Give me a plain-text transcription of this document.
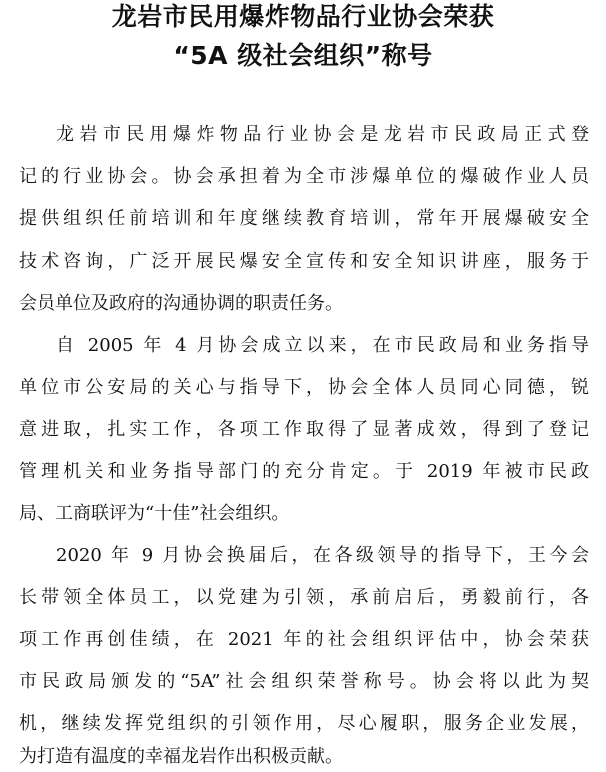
龙岩市民用爆炸物品行业协会荣获
“5A 级社会组织”称号
龙岩市民用爆炸物品行业协会是龙岩市民政局正式登
记的行业协会。协会承担着为全市涉爆单位的爆破作业人员
提供组织任前培训和年度继续教育培训，常年开展爆破安全
技术咨询，广泛开展民爆安全宣传和安全知识讲座，服务于
会员单位及政府的沟通协调的职责任务。
自 2005 年 4 月协会成立以来，在市民政局和业务指导
单位市公安局的关心与指导下，协会全体人员同心同德，锐
意进取，扎实工作，各项工作取得了显著成效，得到了登记
管理机关和业务指导部门的充分肯定。于 2019 年被市民政
局、工商联评为“十佳”社会组织。
2020 年 9 月协会换届后，在各级领导的指导下，王今会
长带领全体员工，以党建为引领，承前启后，勇毅前行，各
项工作再创佳绩，在 2021 年的社会组织评估中，协会荣获
市民政局颁发的“5A”社会组织荣誉称号。协会将以此为契
机，继续发挥党组织的引领作用，尽心履职，服务企业发展，
为打造有温度的幸福龙岩作出积极贡献。
